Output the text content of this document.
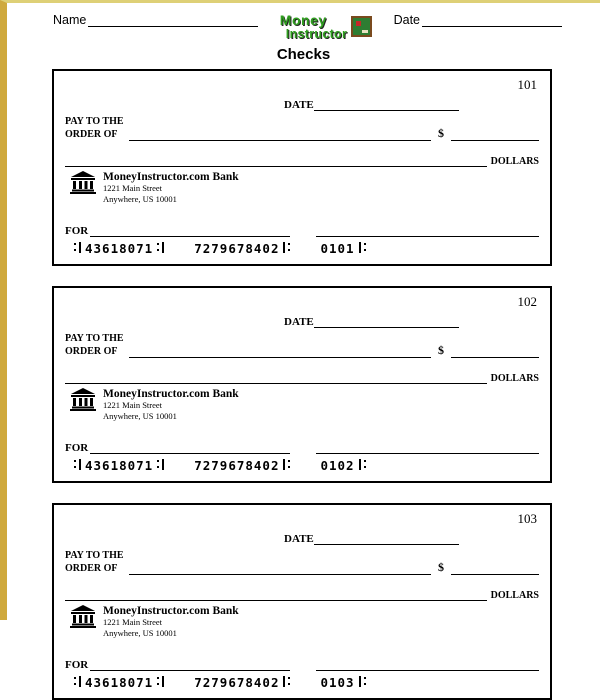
Name	Money
Instructor
Date
Checks
101
DATE
PAY TO THE
ORDER OF	$
DOLLARS
MoneyInstructor.com Bank
1221 Main Street
Anywhere, US 10001
FOR
43618071	7279678402	0101
102
DATE
PAY TO THE
ORDER OF	$
DOLLARS
MoneyInstructor.com Bank
1221 Main Street
Anywhere, US 10001
FOR
43618071	7279678402	0102
103
DATE
PAY TO THE
ORDER OF	$
DOLLARS
MoneyInstructor.com Bank
1221 Main Street
Anywhere, US 10001
FOR
43618071	7279678402	0103
